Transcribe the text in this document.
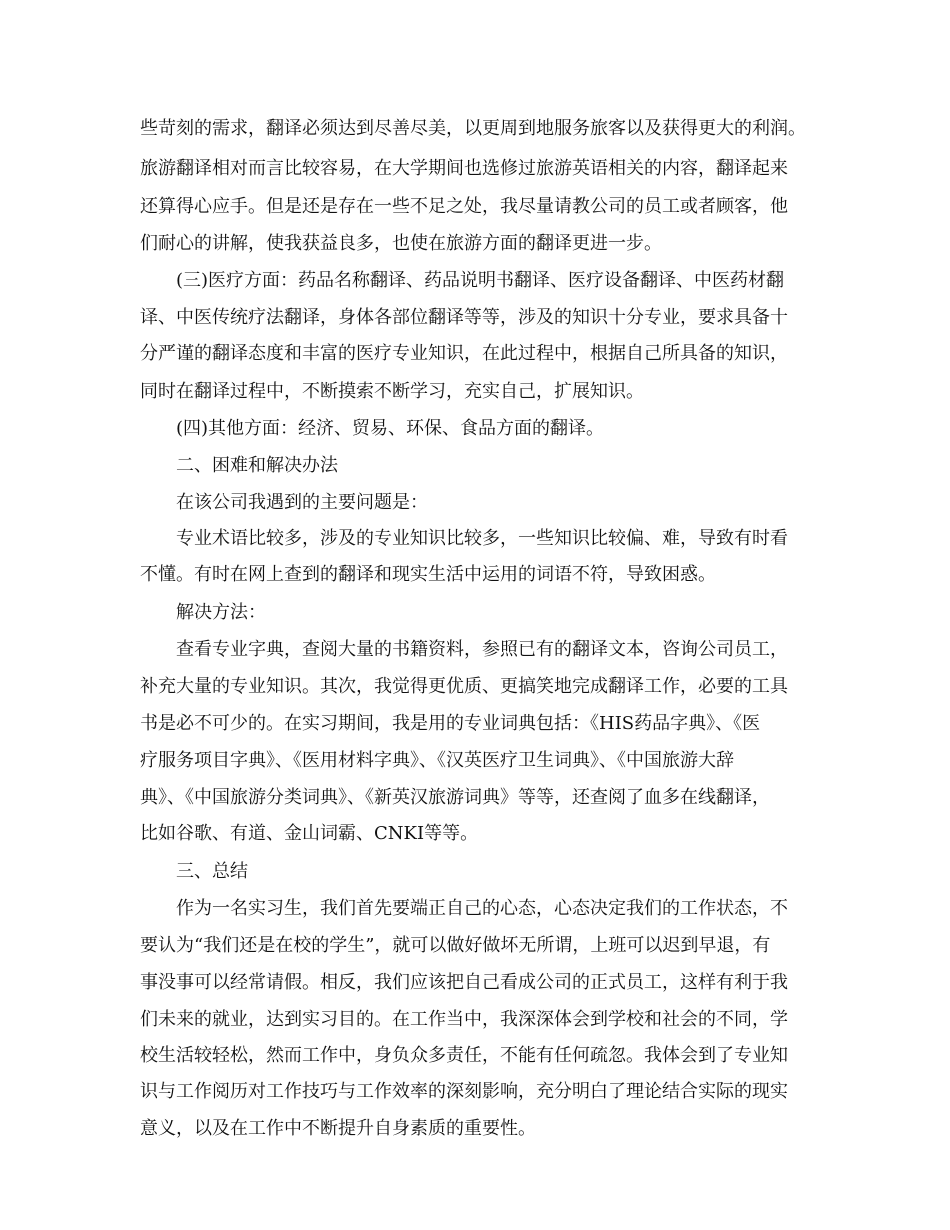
些苛刻的需求，翻译必须达到尽善尽美，以更周到地服务旅客以及获得更大的利润。
旅游翻译相对而言比较容易，在大学期间也选修过旅游英语相关的内容，翻译起来
还算得心应手。但是还是存在一些不足之处，我尽量请教公司的员工或者顾客，他
们耐心的讲解，使我获益良多，也使在旅游方面的翻译更进一步。
(三)医疗方面：药品名称翻译、药品说明书翻译、医疗设备翻译、中医药材翻
译、中医传统疗法翻译，身体各部位翻译等等，涉及的知识十分专业，要求具备十
分严谨的翻译态度和丰富的医疗专业知识，在此过程中，根据自己所具备的知识，
同时在翻译过程中，不断摸索不断学习，充实自己，扩展知识。
(四)其他方面：经济、贸易、环保、食品方面的翻译。
二、困难和解决办法
在该公司我遇到的主要问题是：
专业术语比较多，涉及的专业知识比较多，一些知识比较偏、难，导致有时看
不懂。有时在网上查到的翻译和现实生活中运用的词语不符，导致困惑。
解决方法：
查看专业字典，查阅大量的书籍资料，参照已有的翻译文本，咨询公司员工，
补充大量的专业知识。其次，我觉得更优质、更搞笑地完成翻译工作，必要的工具
书是必不可少的。在实习期间，我是用的专业词典包括：《HIS药品字典》、《医
疗服务项目字典》、《医用材料字典》、《汉英医疗卫生词典》、《中国旅游大辞
典》、《中国旅游分类词典》、《新英汉旅游词典》等等，还查阅了血多在线翻译，
比如谷歌、有道、金山词霸、CNKI等等。
三、总结
作为一名实习生，我们首先要端正自己的心态，心态决定我们的工作状态，不
要认为“我们还是在校的学生”，就可以做好做坏无所谓，上班可以迟到早退，有
事没事可以经常请假。相反，我们应该把自己看成公司的正式员工，这样有利于我
们未来的就业，达到实习目的。在工作当中，我深深体会到学校和社会的不同，学
校生活较轻松，然而工作中，身负众多责任，不能有任何疏忽。我体会到了专业知
识与工作阅历对工作技巧与工作效率的深刻影响，充分明白了理论结合实际的现实
意义，以及在工作中不断提升自身素质的重要性。
